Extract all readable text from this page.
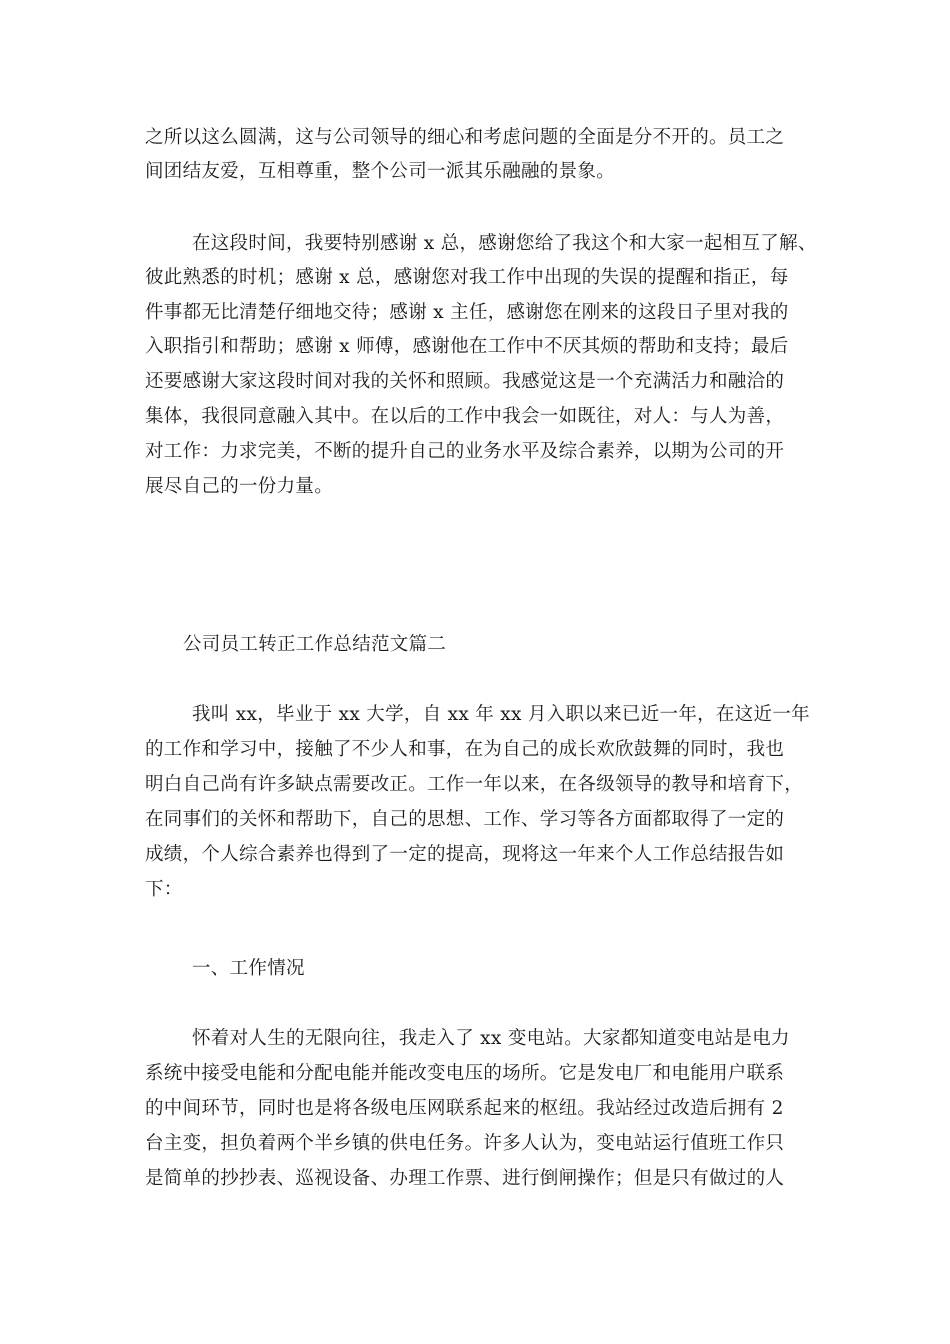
之所以这么圆满，这与公司领导的细心和考虑问题的全面是分不开的。员工之
间团结友爱，互相尊重，整个公司一派其乐融融的景象。
在这段时间，我要特别感谢 x 总，感谢您给了我这个和大家一起相互了解、
彼此熟悉的时机；感谢 x 总，感谢您对我工作中出现的失误的提醒和指正，每
件事都无比清楚仔细地交待；感谢 x 主任，感谢您在刚来的这段日子里对我的
入职指引和帮助；感谢 x 师傅，感谢他在工作中不厌其烦的帮助和支持；最后
还要感谢大家这段时间对我的关怀和照顾。我感觉这是一个充满活力和融洽的
集体，我很同意融入其中。在以后的工作中我会一如既往，对人：与人为善，
对工作：力求完美，不断的提升自己的业务水平及综合素养，以期为公司的开
展尽自己的一份力量。
公司员工转正工作总结范文篇二
我叫 xx，毕业于 xx 大学，自 xx 年 xx 月入职以来已近一年，在这近一年
的工作和学习中，接触了不少人和事，在为自己的成长欢欣鼓舞的同时，我也
明白自己尚有许多缺点需要改正。工作一年以来，在各级领导的教导和培育下，
在同事们的关怀和帮助下，自己的思想、工作、学习等各方面都取得了一定的
成绩，个人综合素养也得到了一定的提高，现将这一年来个人工作总结报告如
下：
一、工作情况
怀着对人生的无限向往，我走入了 xx 变电站。大家都知道变电站是电力
系统中接受电能和分配电能并能改变电压的场所。它是发电厂和电能用户联系
的中间环节，同时也是将各级电压网联系起来的枢纽。我站经过改造后拥有 2
台主变，担负着两个半乡镇的供电任务。许多人认为，变电站运行值班工作只
是简单的抄抄表、巡视设备、办理工作票、进行倒闸操作；但是只有做过的人
